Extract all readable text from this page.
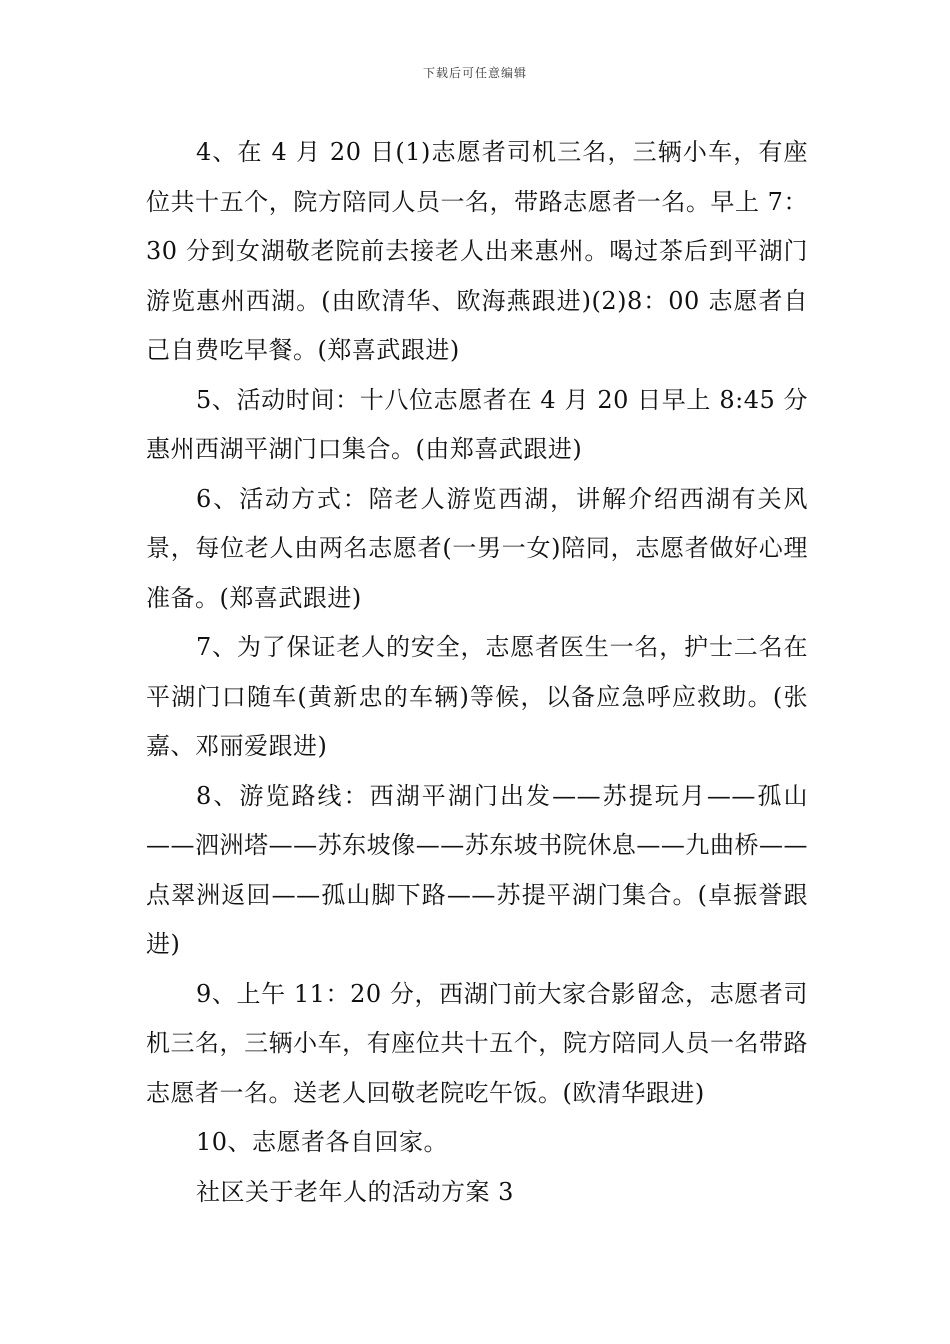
下载后可任意编辑

4、在 4 月 20 日(1)志愿者司机三名，三辆小车，有座位共十五个，院方陪同人员一名，带路志愿者一名。早上 7：30 分到女湖敬老院前去接老人出来惠州。喝过茶后到平湖门游览惠州西湖。(由欧清华、欧海燕跟进)(2)8：00 志愿者自己自费吃早餐。(郑喜武跟进)

5、活动时间：十八位志愿者在 4 月 20 日早上 8:45 分惠州西湖平湖门口集合。(由郑喜武跟进)

6、活动方式：陪老人游览西湖，讲解介绍西湖有关风景，每位老人由两名志愿者(一男一女)陪同，志愿者做好心理准备。(郑喜武跟进)

7、为了保证老人的安全，志愿者医生一名，护士二名在平湖门口随车(黄新忠的车辆)等候，以备应急呼应救助。(张嘉、邓丽爱跟进)

8、游览路线：西湖平湖门出发——苏提玩月——孤山——泗洲塔——苏东坡像——苏东坡书院休息——九曲桥——点翠洲返回——孤山脚下路——苏提平湖门集合。(卓振誉跟进)

9、上午 11：20 分，西湖门前大家合影留念，志愿者司机三名，三辆小车，有座位共十五个，院方陪同人员一名带路志愿者一名。送老人回敬老院吃午饭。(欧清华跟进)

10、志愿者各自回家。

社区关于老年人的活动方案 3
